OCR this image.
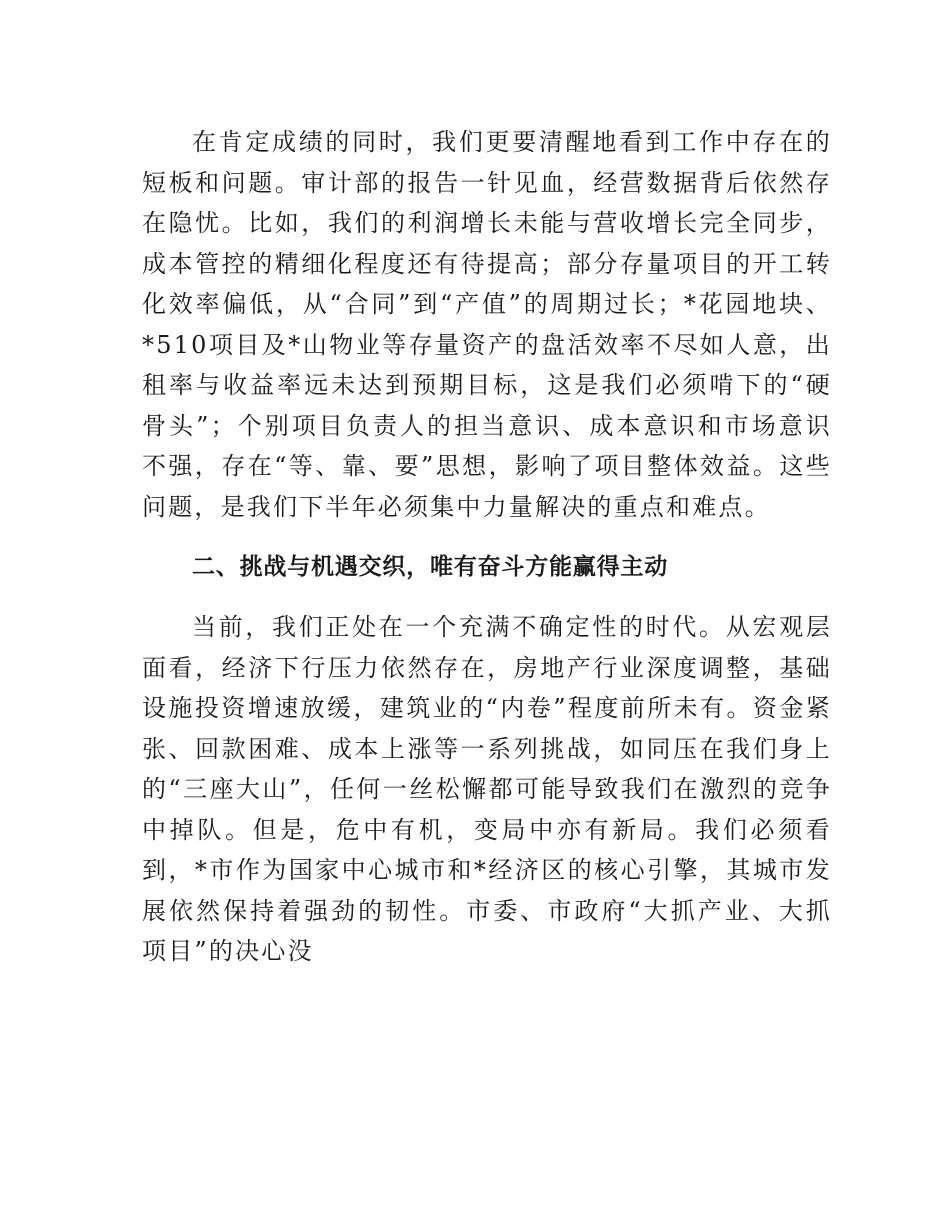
在肯定成绩的同时，我们更要清醒地看到工作中存在的短板和问题。审计部的报告一针见血，经营数据背后依然存在隐忧。比如，我们的利润增长未能与营收增长完全同步，成本管控的精细化程度还有待提高；部分存量项目的开工转化效率偏低，从“合同”到“产值”的周期过长；*花园地块、*510项目及*山物业等存量资产的盘活效率不尽如人意，出租率与收益率远未达到预期目标，这是我们必须啃下的“硬骨头”；个别项目负责人的担当意识、成本意识和市场意识不强，存在“等、靠、要”思想，影响了项目整体效益。这些问题，是我们下半年必须集中力量解决的重点和难点。

二、挑战与机遇交织，唯有奋斗方能赢得主动

当前，我们正处在一个充满不确定性的时代。从宏观层面看，经济下行压力依然存在，房地产行业深度调整，基础设施投资增速放缓，建筑业的“内卷”程度前所未有。资金紧张、回款困难、成本上涨等一系列挑战，如同压在我们身上的“三座大山”，任何一丝松懈都可能导致我们在激烈的竞争中掉队。但是，危中有机，变局中亦有新局。我们必须看到，*市作为国家中心城市和*经济区的核心引擎，其城市发展依然保持着强劲的韧性。市委、市政府“大抓产业、大抓项目”的决心没
